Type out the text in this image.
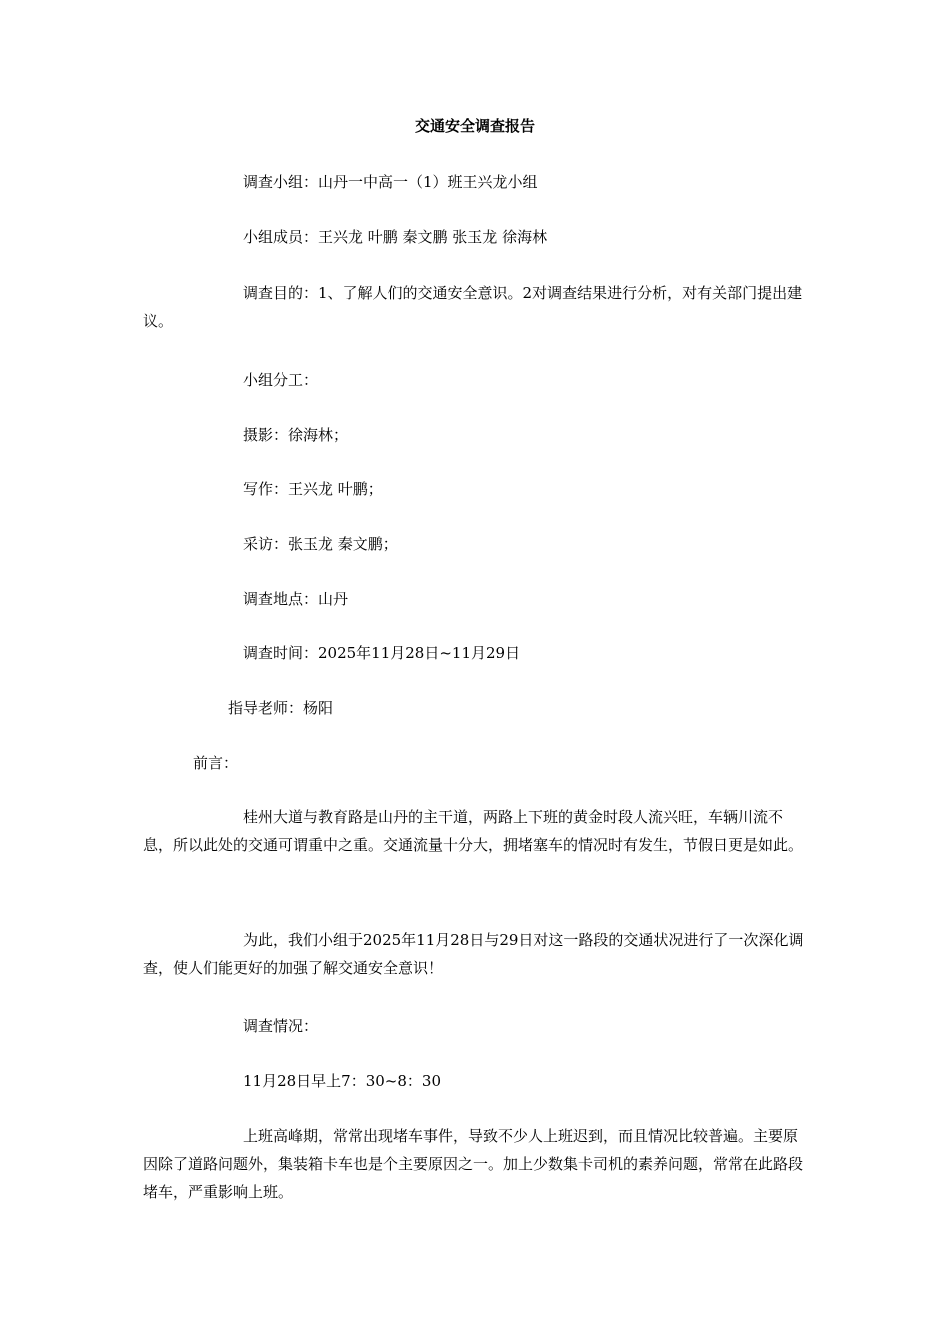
交通安全调查报告
调查小组：山丹一中高一（1）班王兴龙小组
小组成员：王兴龙 叶鹏 秦文鹏 张玉龙 徐海林
调查目的：1、了解人们的交通安全意识。2对调查结果进行分析，对有关部门提出建议。
小组分工：
摄影：徐海林；
写作：王兴龙 叶鹏；
采访：张玉龙 秦文鹏；
调查地点：山丹
调查时间：2025年11月28日~11月29日
指导老师：杨阳
前言：
桂州大道与教育路是山丹的主干道，两路上下班的黄金时段人流兴旺，车辆川流不息，所以此处的交通可谓重中之重。交通流量十分大，拥堵塞车的情况时有发生，节假日更是如此。
为此，我们小组于2025年11月28日与29日对这一路段的交通状况进行了一次深化调查，使人们能更好的加强了解交通安全意识！
调查情况：
11月28日早上7：30~8：30
上班高峰期，常常出现堵车事件，导致不少人上班迟到，而且情况比较普遍。主要原因除了道路问题外，集装箱卡车也是个主要原因之一。加上少数集卡司机的素养问题，常常在此路段堵车，严重影响上班。
